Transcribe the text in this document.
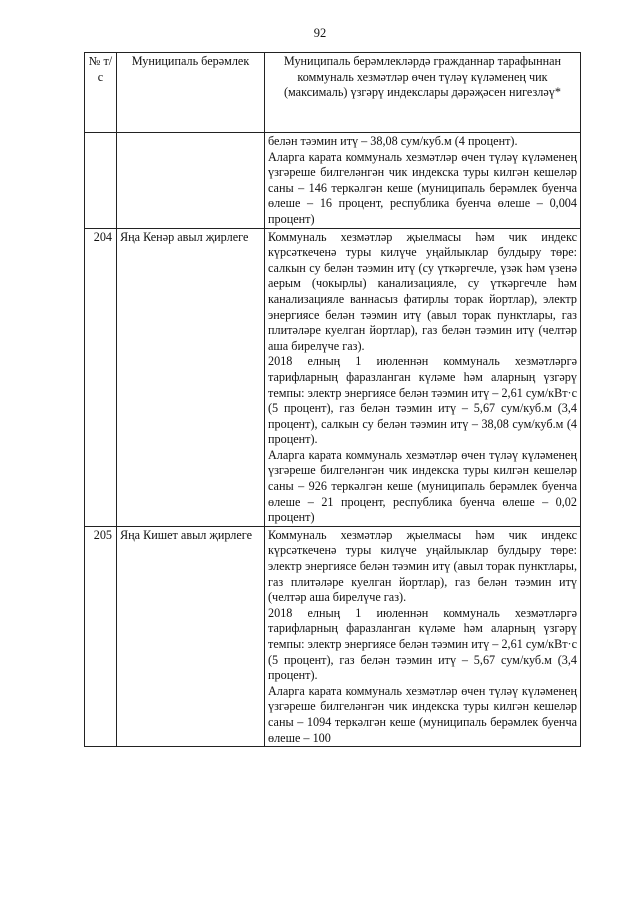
92
№ т/с	Муниципаль берәмлек	Муниципаль берәмлекләрдә гражданнар тарафыннан коммуналь хезмәтләр өчен түләү күләменең чик (максималь) үзгәрү индекслары дәрәҗәсен нигезләү*

		белән тәэмин итү – 38,08 сум/куб.м (4 процент).
Аларга карата коммуналь хезмәтләр өчен түләү күләменең үзгәреше билгеләнгән чик индекска туры килгән кешеләр саны – 146 теркәлгән кеше (муниципаль берәмлек буенча өлеше – 16 процент, республика буенча өлеше – 0,004 процент)

204	Яңа Кенәр авыл җирлеге	Коммуналь хезмәтләр җыелмасы һәм чик индекс күрсәткеченә туры килүче уңайлыклар булдыру төре: салкын су белән тәэмин итү (су үткәргечле, үзәк һәм үзенә аерым (чокырлы) канализацияле, су үткәргечле һәм канализацияле ваннасыз фатирлы торак йортлар), электр энергиясе белән тәэмин итү (авыл торак пунктлары, газ плитәләре куелган йортлар), газ белән тәэмин итү (челтәр аша бирелүче газ).
2018 елның 1 июленнән коммуналь хезмәтләргә тарифларның фаразланган күләме һәм аларның үзгәрү темпы: электр энергиясе белән тәэмин итү – 2,61 сум/кВт·с (5 процент), газ белән тәэмин итү – 5,67 сум/куб.м (3,4 процент), салкын су белән тәэмин итү – 38,08 сум/куб.м (4 процент).
Аларга карата коммуналь хезмәтләр өчен түләү күләменең үзгәреше билгеләнгән чик индекска туры килгән кешеләр саны – 926 теркәлгән кеше (муниципаль берәмлек буенча өлеше – 21 процент, республика буенча өлеше – 0,02 процент)

205	Яңа Кишет авыл җирлеге	Коммуналь хезмәтләр җыелмасы һәм чик индекс күрсәткеченә туры килүче уңайлыклар булдыру төре: электр энергиясе белән тәэмин итү (авыл торак пунктлары, газ плитәләре куелган йортлар), газ белән тәэмин итү (челтәр аша бирелүче газ).
2018 елның 1 июленнән коммуналь хезмәтләргә тарифларның фаразланган күләме һәм аларның үзгәрү темпы: электр энергиясе белән тәэмин итү – 2,61 сум/кВт·с (5 процент), газ белән тәэмин итү – 5,67 сум/куб.м (3,4 процент).
Аларга карата коммуналь хезмәтләр өчен түләү күләменең үзгәреше билгеләнгән чик индекска туры килгән кешеләр саны – 1094 теркәлгән кеше (муниципаль берәмлек буенча өлеше – 100
